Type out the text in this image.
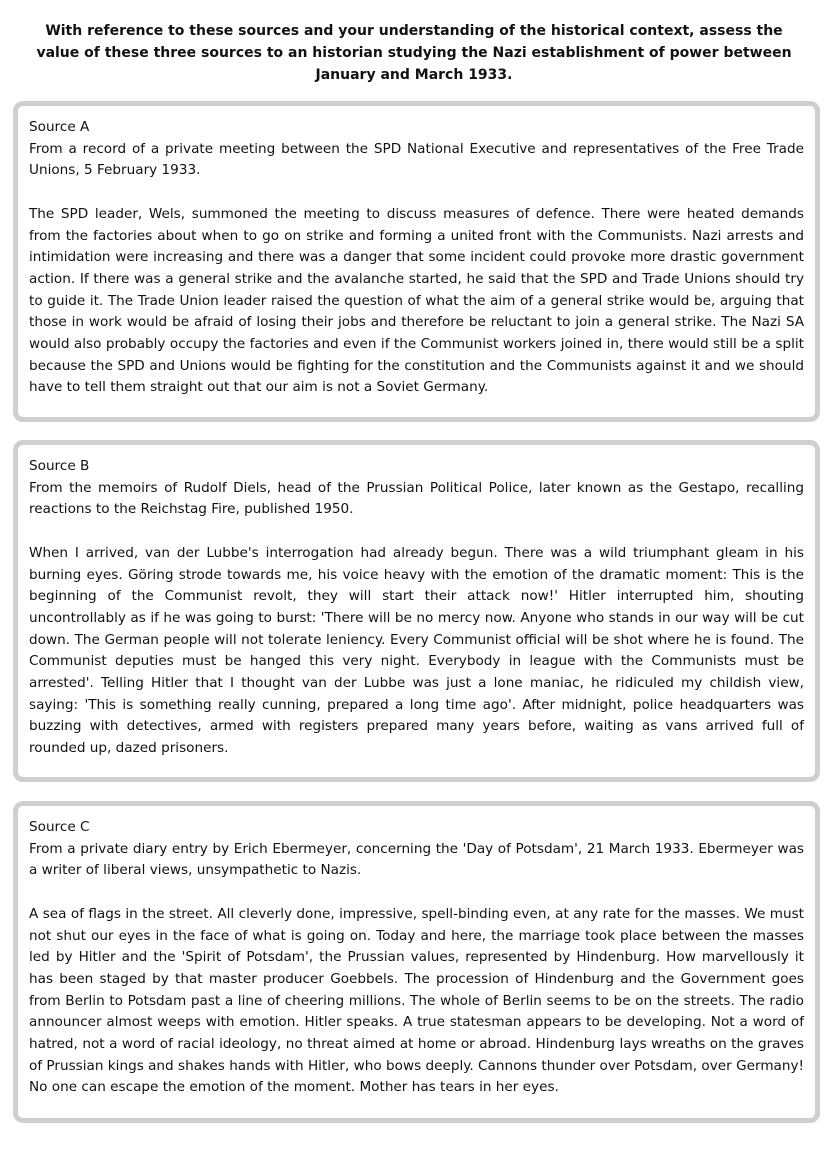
With reference to these sources and your understanding of the historical context, assess the value of these three sources to an historian studying the Nazi establishment of power between January and March 1933.
Source A

From a record of a private meeting between the SPD National Executive and representatives of the Free Trade Unions, 5 February 1933.

The SPD leader, Wels, summoned the meeting to discuss measures of defence. There were heated demands from the factories about when to go on strike and forming a united front with the Communists. Nazi arrests and intimidation were increasing and there was a danger that some incident could provoke more drastic government action. If there was a general strike and the avalanche started, he said that the SPD and Trade Unions should try to guide it. The Trade Union leader raised the question of what the aim of a general strike would be, arguing that those in work would be afraid of losing their jobs and therefore be reluctant to join a general strike. The Nazi SA would also probably occupy the factories and even if the Communist workers joined in, there would still be a split because the SPD and Unions would be fighting for the constitution and the Communists against it and we should have to tell them straight out that our aim is not a Soviet Germany.

Source B

From the memoirs of Rudolf Diels, head of the Prussian Political Police, later known as the Gestapo, recalling reactions to the Reichstag Fire, published 1950.

When I arrived, van der Lubbe's interrogation had already begun. There was a wild triumphant gleam in his burning eyes. Göring strode towards me, his voice heavy with the emotion of the dramatic moment: This is the beginning of the Communist revolt, they will start their attack now!' Hitler interrupted him, shouting uncontrollably as if he was going to burst: 'There will be no mercy now. Anyone who stands in our way will be cut down. The German people will not tolerate leniency. Every Communist official will be shot where he is found. The Communist deputies must be hanged this very night. Everybody in league with the Communists must be arrested'. Telling Hitler that I thought van der Lubbe was just a lone maniac, he ridiculed my childish view, saying: 'This is something really cunning, prepared a long time ago'. After midnight, police headquarters was buzzing with detectives, armed with registers prepared many years before, waiting as vans arrived full of rounded up, dazed prisoners.

Source C

From a private diary entry by Erich Ebermeyer, concerning the 'Day of Potsdam', 21 March 1933. Ebermeyer was a writer of liberal views, unsympathetic to Nazis.

A sea of flags in the street. All cleverly done, impressive, spell-binding even, at any rate for the masses. We must not shut our eyes in the face of what is going on. Today and here, the marriage took place between the masses led by Hitler and the 'Spirit of Potsdam', the Prussian values, represented by Hindenburg. How marvellously it has been staged by that master producer Goebbels. The procession of Hindenburg and the Government goes from Berlin to Potsdam past a line of cheering millions. The whole of Berlin seems to be on the streets. The radio announcer almost weeps with emotion. Hitler speaks. A true statesman appears to be developing. Not a word of hatred, not a word of racial ideology, no threat aimed at home or abroad. Hindenburg lays wreaths on the graves of Prussian kings and shakes hands with Hitler, who bows deeply. Cannons thunder over Potsdam, over Germany! No one can escape the emotion of the moment. Mother has tears in her eyes.
